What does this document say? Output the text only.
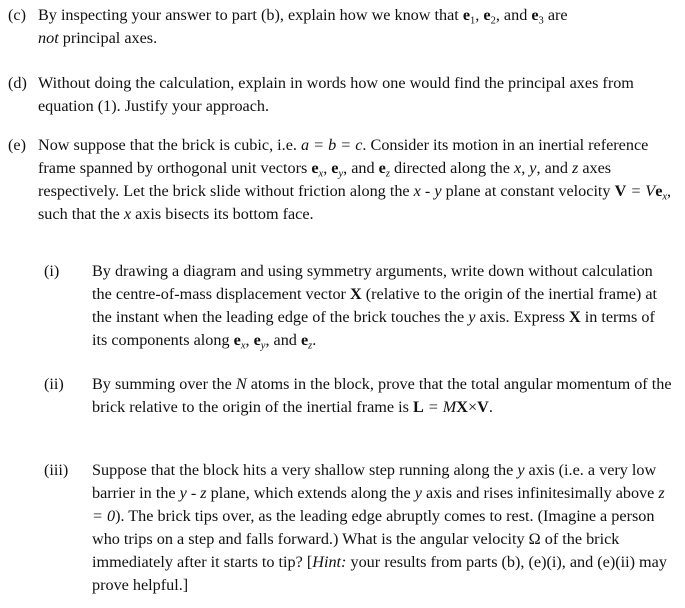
(c) By inspecting your answer to part (b), explain how we know that $e_1$, $e_2$, and $e_3$ are
not principal axes.

(d) Without doing the calculation, explain in words how one would find the principal axes from equation (1). Justify your approach.

(e) Now suppose that the brick is cubic, i.e. a = b = c. Consider its motion in an inertial reference frame spanned by orthogonal unit vectors $e_x$, $e_y$, and $e_z$ directed along the x, y, and z axes respectively. Let the brick slide without friction along the x - y plane at constant velocity $V = Ve_x$, such that the x axis bisects its bottom face.

(i) By drawing a diagram and using symmetry arguments, write down without calculation the centre-of-mass displacement vector X (relative to the origin of the inertial frame) at the instant when the leading edge of the brick touches the y axis. Express X in terms of its components along $e_x$, $e_y$, and $e_z$.

(ii) By summing over the N atoms in the block, prove that the total angular momentum of the brick relative to the origin of the inertial frame is L = MX×V.

(iii) Suppose that the block hits a very shallow step running along the y axis (i.e. a very low barrier in the y - z plane, which extends along the y axis and rises infinitesimally above z = 0). The brick tips over, as the leading edge abruptly comes to rest. (Imagine a person who trips on a step and falls forward.) What is the angular velocity Ω of the brick immediately after it starts to tip? [Hint: your results from parts (b), (e)(i), and (e)(ii) may prove helpful.]
